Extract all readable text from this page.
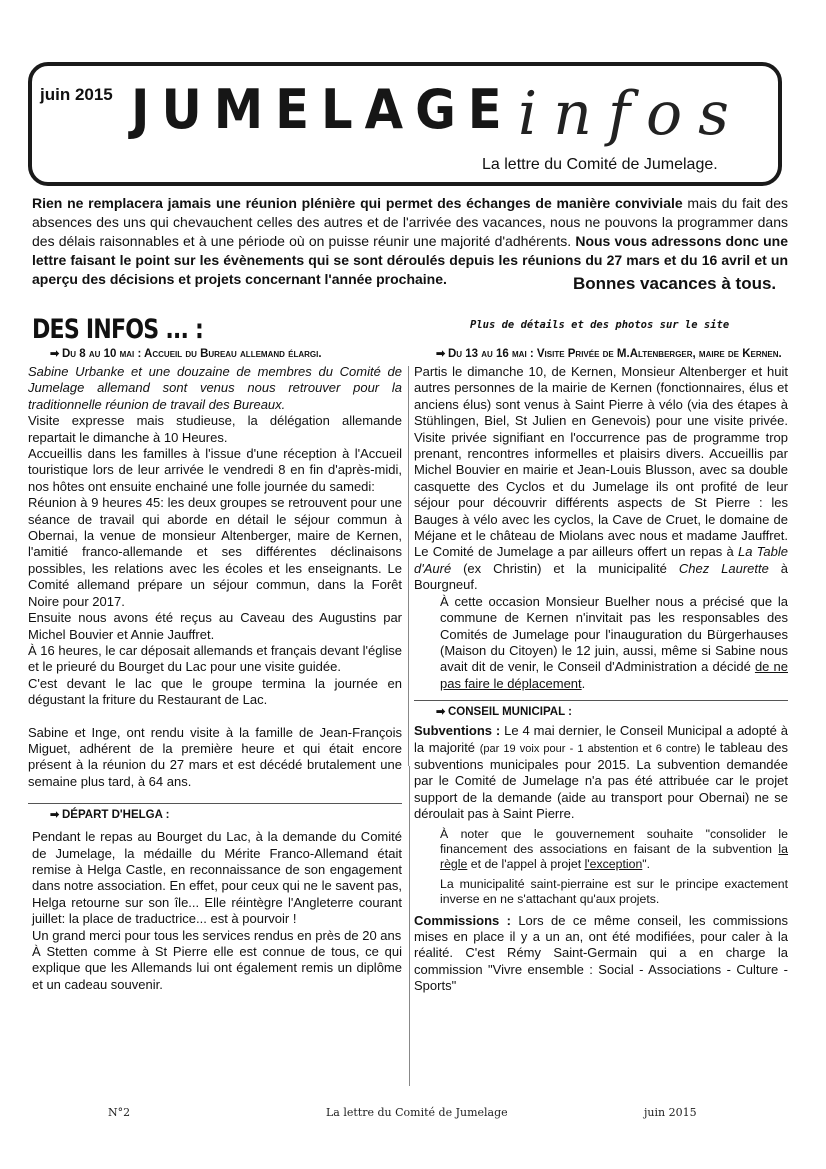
juin 2015 JUMELAGE infos
La lettre du Comité de Jumelage.
Rien ne remplacera jamais une réunion plénière qui permet des échanges de manière conviviale mais du fait des absences des uns qui chevauchent celles des autres et de l'arrivée des vacances, nous ne pouvons la programmer dans des délais raisonnables et à une période où on puisse réunir une majorité d'adhérents. Nous vous adressons donc une lettre faisant le point sur les évènements qui se sont déroulés depuis les réunions du 27 mars et du 16 avril et un aperçu des décisions et projets concernant l'année prochaine.	Bonnes vacances à tous.
DES INFOS ... :	Plus de détails et des photos sur le site
➡ Du 8 au 10 mai : Accueil du Bureau allemand élargi.

Sabine Urbanke et une douzaine de membres du Comité de Jumelage allemand sont venus nous retrouver pour la traditionnelle réunion de travail des Bureaux.

Visite expresse mais studieuse, la délégation allemande repartait le dimanche à 10 Heures.

Accueillis dans les familles à l'issue d'une réception à l'Accueil touristique lors de leur arrivée le vendredi 8 en fin d'après-midi, nos hôtes ont ensuite enchainé une folle journée du samedi:

Réunion à 9 heures 45: les deux groupes se retrouvent pour une séance de travail qui aborde en détail le séjour commun à Obernai, la venue de monsieur Altenberger, maire de Kernen, l'amitié franco-allemande et ses différentes déclinaisons possibles, les relations avec les écoles et les enseignants. Le Comité allemand prépare un séjour commun, dans la Forêt Noire pour 2017.

Ensuite nous avons été reçus au Caveau des Augustins par Michel Bouvier et Annie Jauffret.

À 16 heures, le car déposait allemands et français devant l'église et le prieuré du Bourget du Lac pour une visite guidée.

C'est devant le lac que le groupe termina la journée en dégustant la friture du Restaurant de Lac.

Sabine et Inge, ont rendu visite à la famille de Jean-François Miguet, adhérent de la première heure et qui était encore présent à la réunion du 27 mars et est décédé brutalement une semaine plus tard, à 64 ans.

➡ DÉPART D'HELGA :

Pendant le repas au Bourget du Lac, à la demande du Comité de Jumelage, la médaille du Mérite Franco-Allemand était remise à Helga Castle, en reconnaissance de son engagement dans notre association. En effet, pour ceux qui ne le savent pas, Helga retourne sur son île... Elle réintègre l'Angleterre courant juillet: la place de traductrice... est à pourvoir !

Un grand merci pour tous les services rendus en près de 20 ans

À Stetten comme à St Pierre elle est connue de tous, ce qui explique que les Allemands lui ont également remis un diplôme et un cadeau souvenir.

➡ Du 13 au 16 mai : Visite Privée de M.Altenberger, maire de Kernen.

Partis le dimanche 10, de Kernen, Monsieur Altenberger et huit autres personnes de la mairie de Kernen (fonctionnaires, élus et anciens élus) sont venus à Saint Pierre à vélo (via des étapes à Stühlingen, Biel, St Julien en Genevois) pour une visite privée. Visite privée signifiant en l'occurrence pas de programme trop prenant, rencontres informelles et plaisirs divers. Accueillis par Michel Bouvier en mairie et Jean-Louis Blusson, avec sa double casquette des Cyclos et du Jumelage ils ont profité de leur séjour pour découvrir différents aspects de St Pierre : les Bauges à vélo avec les cyclos, la Cave de Cruet, le domaine de Méjane et le château de Miolans avec nous et madame Jauffret. Le Comité de Jumelage a par ailleurs offert un repas à La Table d'Auré (ex Christin) et la municipalité Chez Laurette à Bourgneuf.

À cette occasion Monsieur Buelher nous a précisé que la commune de Kernen n'invitait pas les responsables des Comités de Jumelage pour l'inauguration du Bürgerhauses (Maison du Citoyen) le 12 juin, aussi, même si Sabine nous avait dit de venir, le Conseil d'Administration a décidé de ne pas faire le déplacement.

➡ CONSEIL MUNICIPAL :

Subventions : Le 4 mai dernier, le Conseil Municipal a adopté à la majorité (par 19 voix pour - 1 abstention et 6 contre) le tableau des subventions municipales pour 2015. La subvention demandée par le Comité de Jumelage n'a pas été attribuée car le projet support de la demande (aide au transport pour Obernai) ne se déroulait pas à Saint Pierre.

À noter que le gouvernement souhaite "consolider le financement des associations en faisant de la subvention la règle et de l'appel à projet l'exception".

La municipalité saint-pierraine est sur le principe exactement inverse en ne s'attachant qu'aux projets.

Commissions : Lors de ce même conseil, les commissions mises en place il y a un an, ont été modifiées, pour caler à la réalité. C'est Rémy Saint-Germain qui a en charge la commission "Vivre ensemble : Social - Associations - Culture - Sports"

N°2	La lettre du Comité de Jumelage	juin 2015
